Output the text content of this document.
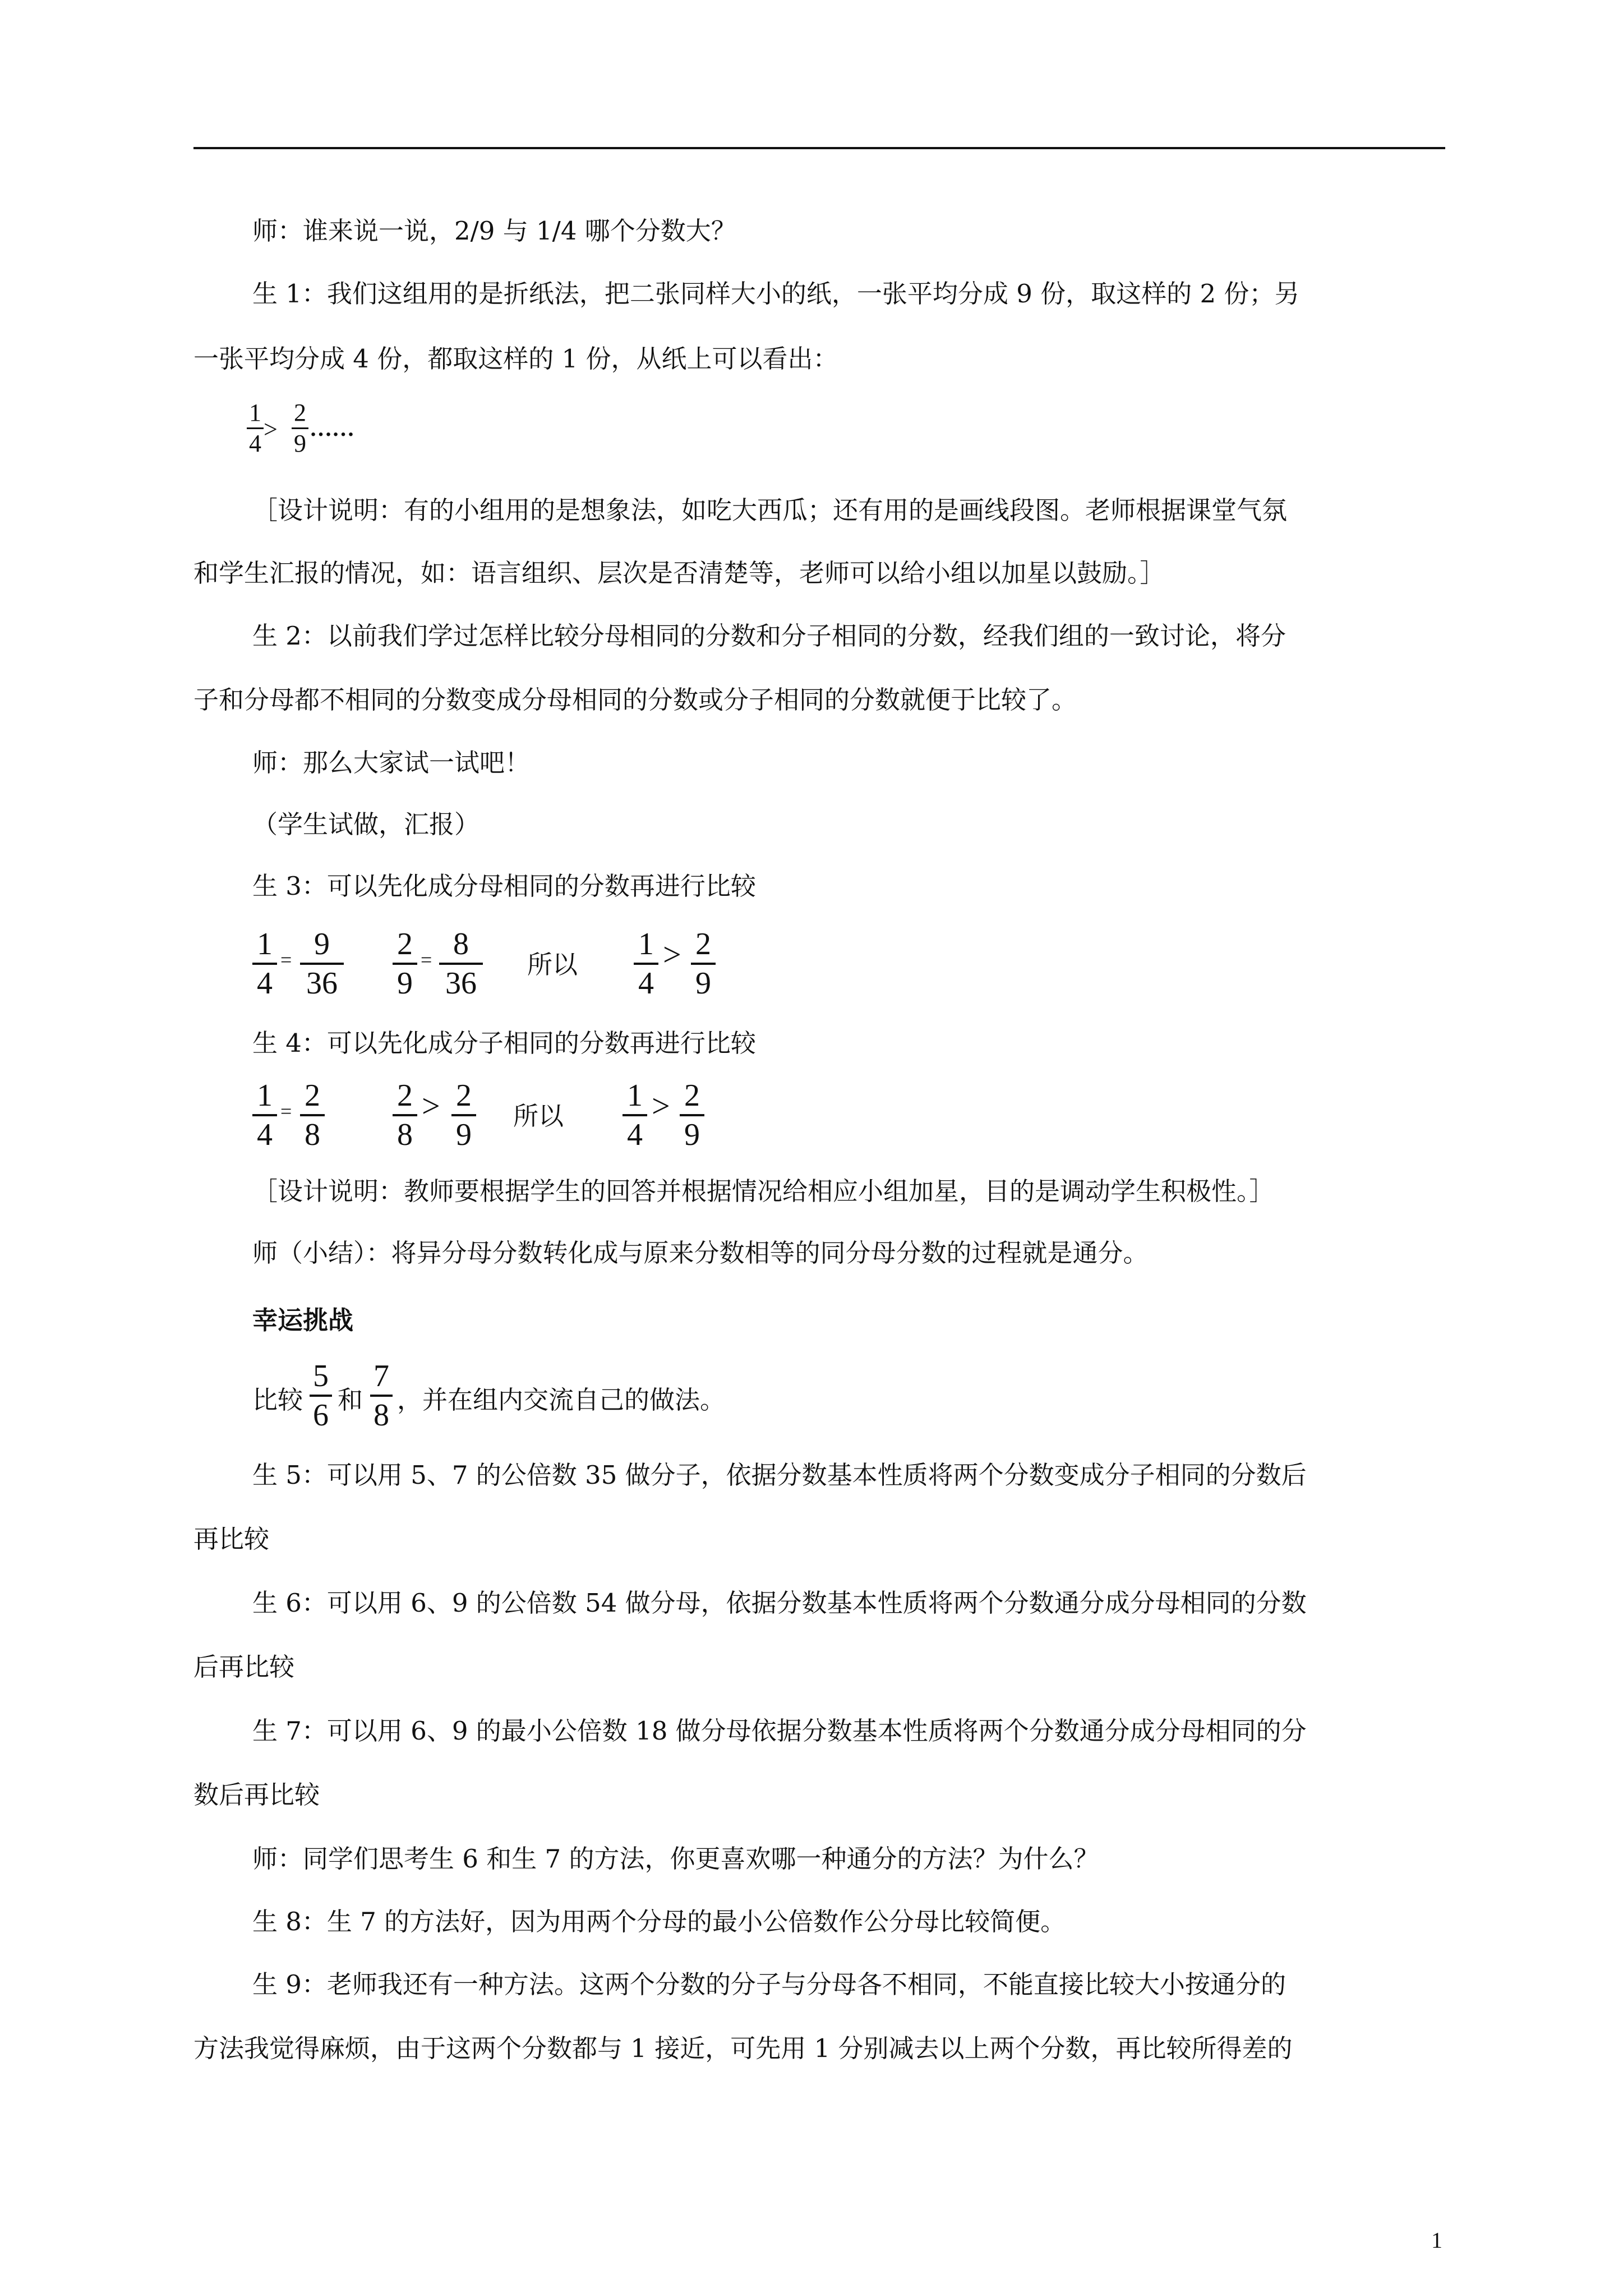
师：谁来说一说，2/9 与 1/4 哪个分数大？
生 1：我们这组用的是折纸法，把二张同样大小的纸，一张平均分成 9 份，取这样的 2 份；另
一张平均分成 4 份，都取这样的 1 份，从纸上可以看出：
1
4
>
2
9
……
［设计说明：有的小组用的是想象法，如吃大西瓜；还有用的是画线段图。老师根据课堂气氛
和学生汇报的情况，如：语言组织、层次是否清楚等，老师可以给小组以加星以鼓励。］
生 2：以前我们学过怎样比较分母相同的分数和分子相同的分数，经我们组的一致讨论，将分
子和分母都不相同的分数变成分母相同的分数或分子相同的分数就便于比较了。
师：那么大家试一试吧！
（学生试做，汇报）
生 3：可以先化成分母相同的分数再进行比较
1
4
= 9
36
2
9
= 8
36
所以
1
4
> 2
9
生 4：可以先化成分子相同的分数再进行比较
1
4
= 2
8
2
8
> 2
9
所以
1
4
> 2
9
［设计说明：教师要根据学生的回答并根据情况给相应小组加星，目的是调动学生积极性。］
师（小结）：将异分母分数转化成与原来分数相等的同分母分数的过程就是通分。
幸运挑战
比较
5
6 和
7
8 ，并在组内交流自己的做法。
生 5：可以用 5、7 的公倍数 35 做分子，依据分数基本性质将两个分数变成分子相同的分数后
再比较
生 6：可以用 6、9 的公倍数 54 做分母，依据分数基本性质将两个分数通分成分母相同的分数
后再比较
生 7：可以用 6、9 的最小公倍数 18 做分母依据分数基本性质将两个分数通分成分母相同的分
数后再比较
师：同学们思考生 6 和生 7 的方法，你更喜欢哪一种通分的方法？为什么？
生 8：生 7 的方法好，因为用两个分母的最小公倍数作公分母比较简便。
生 9：老师我还有一种方法。这两个分数的分子与分母各不相同，不能直接比较大小按通分的
方法我觉得麻烦，由于这两个分数都与 1 接近，可先用 1 分别减去以上两个分数，再比较所得差的
1
